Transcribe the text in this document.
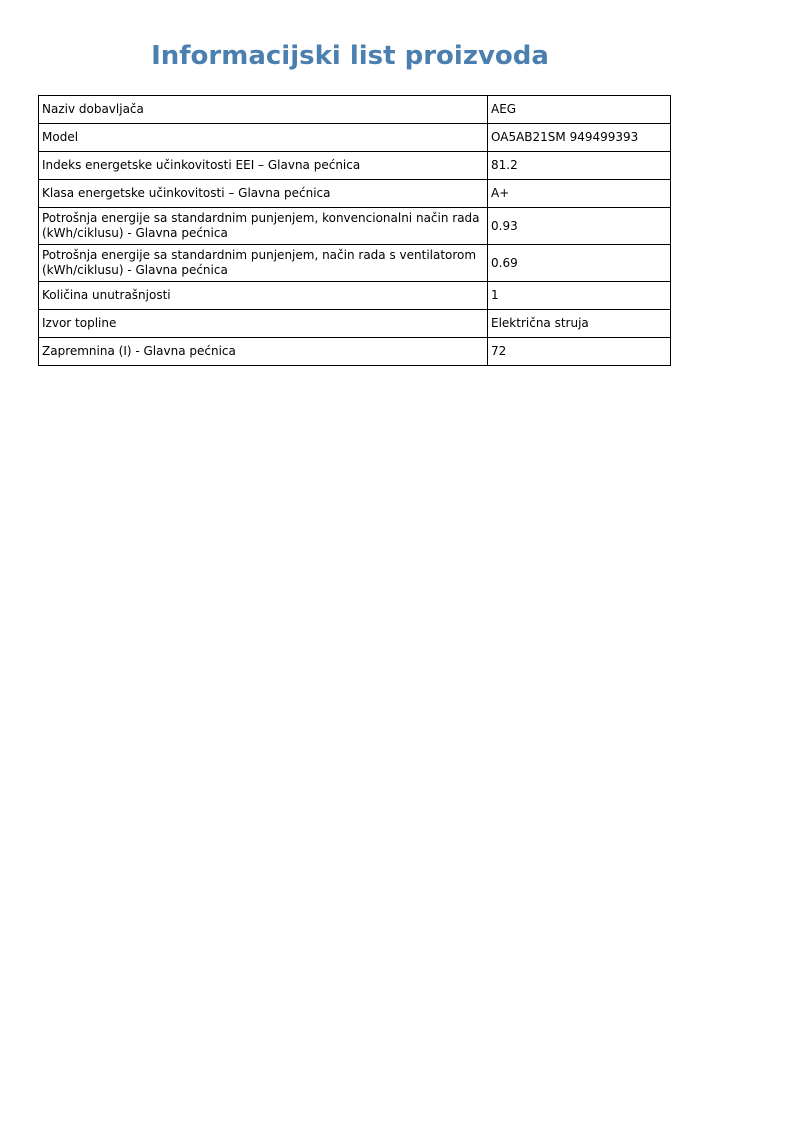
Informacijski list proizvoda
Naziv dobavljača	AEG
Model	OA5AB21SM 949499393
Indeks energetske učinkovitosti EEI – Glavna pećnica	81.2
Klasa energetske učinkovitosti – Glavna pećnica	A+
Potrošnja energije sa standardnim punjenjem, konvencionalni način rada (kWh/ciklusu) - Glavna pećnica	0.93
Potrošnja energije sa standardnim punjenjem, način rada s ventilatorom (kWh/ciklusu) - Glavna pećnica	0.69
Količina unutrašnjosti	1
Izvor topline	Električna struja
Zapremnina (I) - Glavna pećnica	72
